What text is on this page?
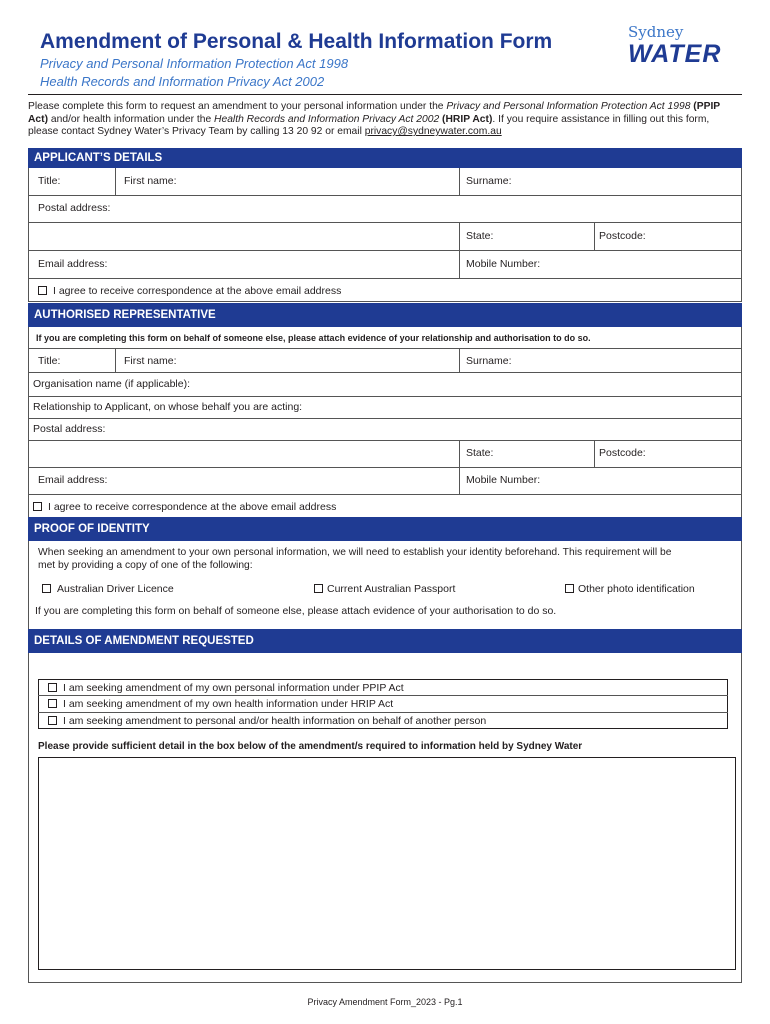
Amendment of Personal & Health Information Form
Privacy and Personal Information Protection Act 1998
Health Records and Information Privacy Act 2002
Sydney
WATER
Please complete this form to request an amendment to your personal information under the Privacy and Personal Information Protection Act 1998 (PPIP Act) and/or health information under the Health Records and Information Privacy Act 2002 (HRIP Act). If you require assistance in filling out this form, please contact Sydney Water’s Privacy Team by calling 13 20 92 or email privacy@sydneywater.com.au
APPLICANT’S DETAILS
Title:	First name:	Surname:
Postal address:
State:	Postcode:
Email address:	Mobile Number:
I agree to receive correspondence at the above email address
AUTHORISED REPRESENTATIVE
If you are completing this form on behalf of someone else, please attach evidence of your relationship and authorisation to do so.
Title:	First name:	Surname:
Organisation name (if applicable):
Relationship to Applicant, on whose behalf you are acting:
Postal address:
State:	Postcode:
Email address:	Mobile Number:
I agree to receive correspondence at the above email address
PROOF OF IDENTITY
When seeking an amendment to your own personal information, we will need to establish your identity beforehand. This requirement will be met by providing a copy of one of the following:
Australian Driver Licence	Current Australian Passport	Other photo identification
If you are completing this form on behalf of someone else, please attach evidence of your authorisation to do so.
DETAILS OF AMENDMENT REQUESTED
I am seeking amendment of my own personal information under PPIP Act
I am seeking amendment of my own health information under HRIP Act
I am seeking amendment to personal and/or health information on behalf of another person
Please provide sufficient detail in the box below of the amendment/s required to information held by Sydney Water
Privacy Amendment Form_2023 - Pg.1
